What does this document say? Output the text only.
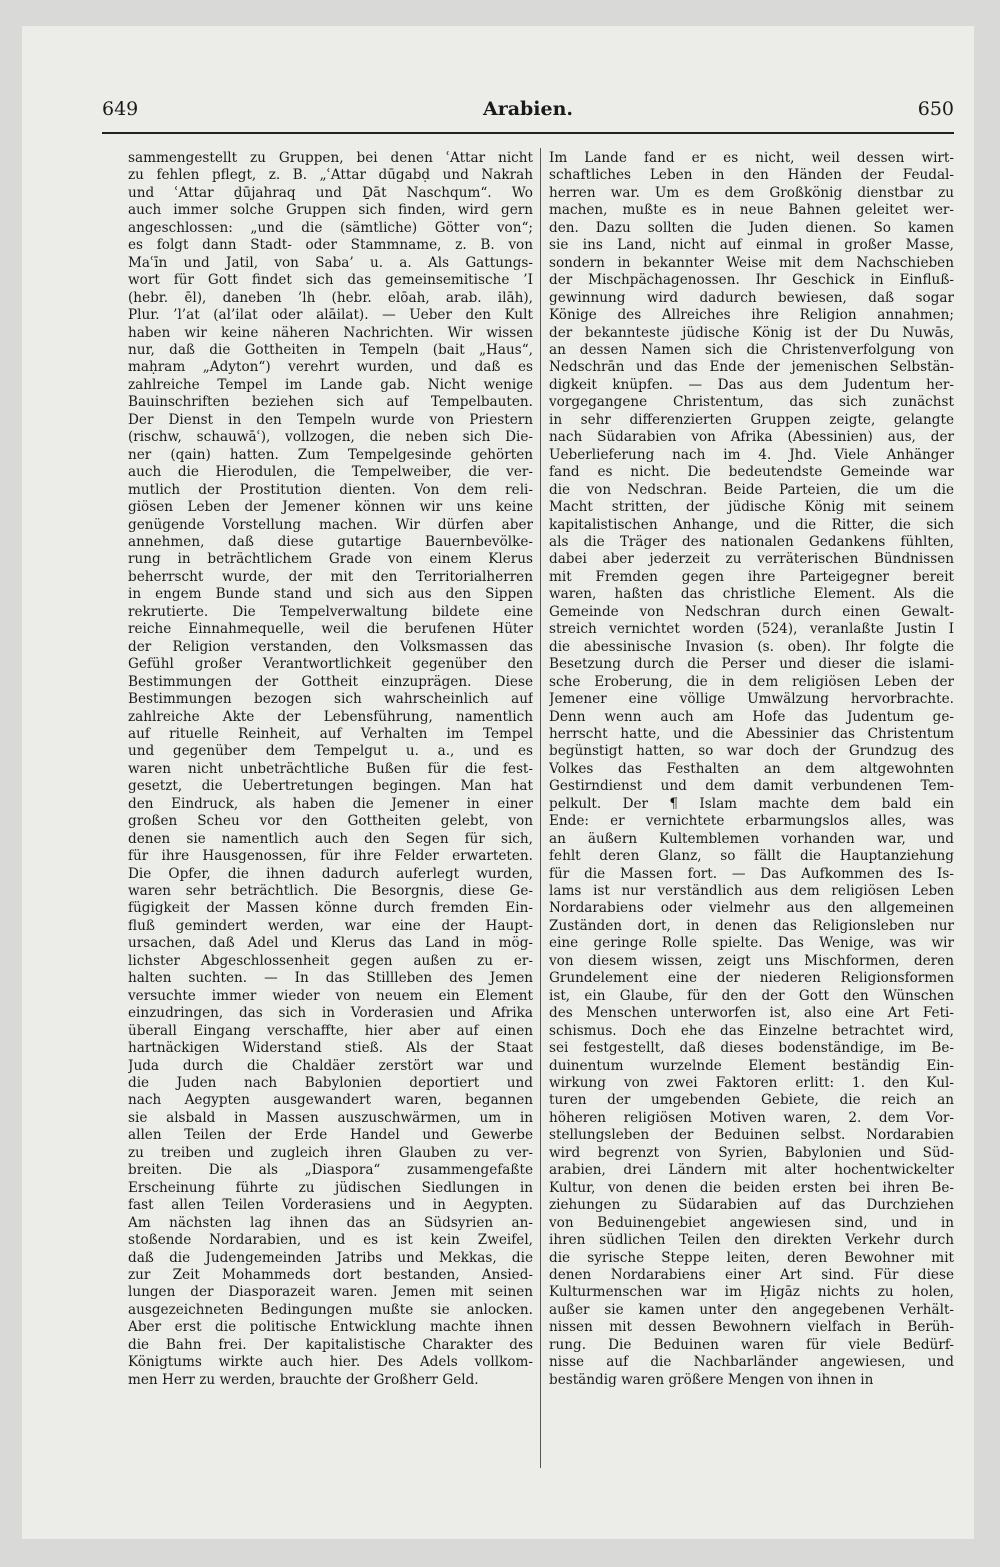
649	Arabien.	650
sammengestellt zu Gruppen, bei denen ʿAttar nicht
zu fehlen pflegt, z. B. „ʿAttar dūgabḍ und Nakrah
und ʿAttar ḏūjahraq und Ḏāt Naschqum“. Wo
auch immer solche Gruppen sich finden, wird gern
angeschlossen: „und die (sämtliche) Götter von“;
es folgt dann Stadt- oder Stammname, z. B. von
Maʿīn und Jatil, von Saba’ u. a. Als Gattungs-
wort für Gott findet sich das gemeinsemitische ’I
(hebr. ēl), daneben ’lh (hebr. elōah, arab. ilāh),
Plur. ’l’at (al’ilat oder alāilat). — Ueber den Kult
haben wir keine näheren Nachrichten. Wir wissen
nur, daß die Gottheiten in Tempeln (bait „Haus“,
maḥram „Adyton“) verehrt wurden, und daß es
zahlreiche Tempel im Lande gab. Nicht wenige
Bauinschriften beziehen sich auf Tempelbauten.
Der Dienst in den Tempeln wurde von Priestern
(rischw, schauwāʿ), vollzogen, die neben sich Die-
ner (qain) hatten. Zum Tempelgesinde gehörten
auch die Hierodulen, die Tempelweiber, die ver-
mutlich der Prostitution dienten. Von dem reli-
giösen Leben der Jemener können wir uns keine
genügende Vorstellung machen. Wir dürfen aber
annehmen, daß diese gutartige Bauernbevölke-
rung in beträchtlichem Grade von einem Klerus
beherrscht wurde, der mit den Territorialherren
in engem Bunde stand und sich aus den Sippen
rekrutierte. Die Tempelverwaltung bildete eine
reiche Einnahmequelle, weil die berufenen Hüter
der Religion verstanden, den Volksmassen das
Gefühl großer Verantwortlichkeit gegenüber den
Bestimmungen der Gottheit einzuprägen. Diese
Bestimmungen bezogen sich wahrscheinlich auf
zahlreiche Akte der Lebensführung, namentlich
auf rituelle Reinheit, auf Verhalten im Tempel
und gegenüber dem Tempelgut u. a., und es
waren nicht unbeträchtliche Bußen für die fest-
gesetzt, die Uebertretungen begingen. Man hat
den Eindruck, als haben die Jemener in einer
großen Scheu vor den Gottheiten gelebt, von
denen sie namentlich auch den Segen für sich,
für ihre Hausgenossen, für ihre Felder erwarteten.
Die Opfer, die ihnen dadurch auferlegt wurden,
waren sehr beträchtlich. Die Besorgnis, diese Ge-
fügigkeit der Massen könne durch fremden Ein-
fluß gemindert werden, war eine der Haupt-
ursachen, daß Adel und Klerus das Land in mög-
lichster Abgeschlossenheit gegen außen zu er-
halten suchten. — In das Stillleben des Jemen
versuchte immer wieder von neuem ein Element
einzudringen, das sich in Vorderasien und Afrika
überall Eingang verschaffte, hier aber auf einen
hartnäckigen Widerstand stieß. Als der Staat
Juda durch die Chaldäer zerstört war und
die Juden nach Babylonien deportiert und
nach Aegypten ausgewandert waren, begannen
sie alsbald in Massen auszuschwärmen, um in
allen Teilen der Erde Handel und Gewerbe
zu treiben und zugleich ihren Glauben zu ver-
breiten. Die als „Diaspora“ zusammengefaßte
Erscheinung führte zu jüdischen Siedlungen in
fast allen Teilen Vorderasiens und in Aegypten.
Am nächsten lag ihnen das an Südsyrien an-
stoßende Nordarabien, und es ist kein Zweifel,
daß die Judengemeinden Jatribs und Mekkas, die
zur Zeit Mohammeds dort bestanden, Ansied-
lungen der Diasporazeit waren. Jemen mit seinen
ausgezeichneten Bedingungen mußte sie anlocken.
Aber erst die politische Entwicklung machte ihnen
die Bahn frei. Der kapitalistische Charakter des
Königtums wirkte auch hier. Des Adels vollkom-
men Herr zu werden, brauchte der Großherr Geld.
Im Lande fand er es nicht, weil dessen wirt-
schaftliches Leben in den Händen der Feudal-
herren war. Um es dem Großkönig dienstbar zu
machen, mußte es in neue Bahnen geleitet wer-
den. Dazu sollten die Juden dienen. So kamen
sie ins Land, nicht auf einmal in großer Masse,
sondern in bekannter Weise mit dem Nachschieben
der Mischpächagenossen. Ihr Geschick in Einfluß-
gewinnung wird dadurch bewiesen, daß sogar
Könige des Allreiches ihre Religion annahmen;
der bekannteste jüdische König ist der Du Nuwās,
an dessen Namen sich die Christenverfolgung von
Nedschrān und das Ende der jemenischen Selbstän-
digkeit knüpfen. — Das aus dem Judentum her-
vorgegangene Christentum, das sich zunächst
in sehr differenzierten Gruppen zeigte, gelangte
nach Südarabien von Afrika (Abessinien) aus, der
Ueberlieferung nach im 4. Jhd. Viele Anhänger
fand es nicht. Die bedeutendste Gemeinde war
die von Nedschran. Beide Parteien, die um die
Macht stritten, der jüdische König mit seinem
kapitalistischen Anhange, und die Ritter, die sich
als die Träger des nationalen Gedankens fühlten,
dabei aber jederzeit zu verräterischen Bündnissen
mit Fremden gegen ihre Parteigegner bereit
waren, haßten das christliche Element. Als die
Gemeinde von Nedschran durch einen Gewalt-
streich vernichtet worden (524), veranlaßte Justin I
die abessinische Invasion (s. oben). Ihr folgte die
Besetzung durch die Perser und dieser die islami-
sche Eroberung, die in dem religiösen Leben der
Jemener eine völlige Umwälzung hervorbrachte.
Denn wenn auch am Hofe das Judentum ge-
herrscht hatte, und die Abessinier das Christentum
begünstigt hatten, so war doch der Grundzug des
Volkes das Festhalten an dem altgewohnten
Gestirndienst und dem damit verbundenen Tem-
pelkult. Der ¶ Islam machte dem bald ein
Ende: er vernichtete erbarmungslos alles, was
an äußern Kultemblemen vorhanden war, und
fehlt deren Glanz, so fällt die Hauptanziehung
für die Massen fort. — Das Aufkommen des Is-
lams ist nur verständlich aus dem religiösen Leben
Nordarabiens oder vielmehr aus den allgemeinen
Zuständen dort, in denen das Religionsleben nur
eine geringe Rolle spielte. Das Wenige, was wir
von diesem wissen, zeigt uns Mischformen, deren
Grundelement eine der niederen Religionsformen
ist, ein Glaube, für den der Gott den Wünschen
des Menschen unterworfen ist, also eine Art Feti-
schismus. Doch ehe das Einzelne betrachtet wird,
sei festgestellt, daß dieses bodenständige, im Be-
duinentum wurzelnde Element beständig Ein-
wirkung von zwei Faktoren erlitt: 1. den Kul-
turen der umgebenden Gebiete, die reich an
höheren religiösen Motiven waren, 2. dem Vor-
stellungsleben der Beduinen selbst. Nordarabien
wird begrenzt von Syrien, Babylonien und Süd-
arabien, drei Ländern mit alter hochentwickelter
Kultur, von denen die beiden ersten bei ihren Be-
ziehungen zu Südarabien auf das Durchziehen
von Beduinengebiet angewiesen sind, und in
ihren südlichen Teilen den direkten Verkehr durch
die syrische Steppe leiten, deren Bewohner mit
denen Nordarabiens einer Art sind. Für diese
Kulturmenschen war im Ḥigāz nichts zu holen,
außer sie kamen unter den angegebenen Verhält-
nissen mit dessen Bewohnern vielfach in Berüh-
rung. Die Beduinen waren für viele Bedürf-
nisse auf die Nachbarländer angewiesen, und
beständig waren größere Mengen von ihnen in
